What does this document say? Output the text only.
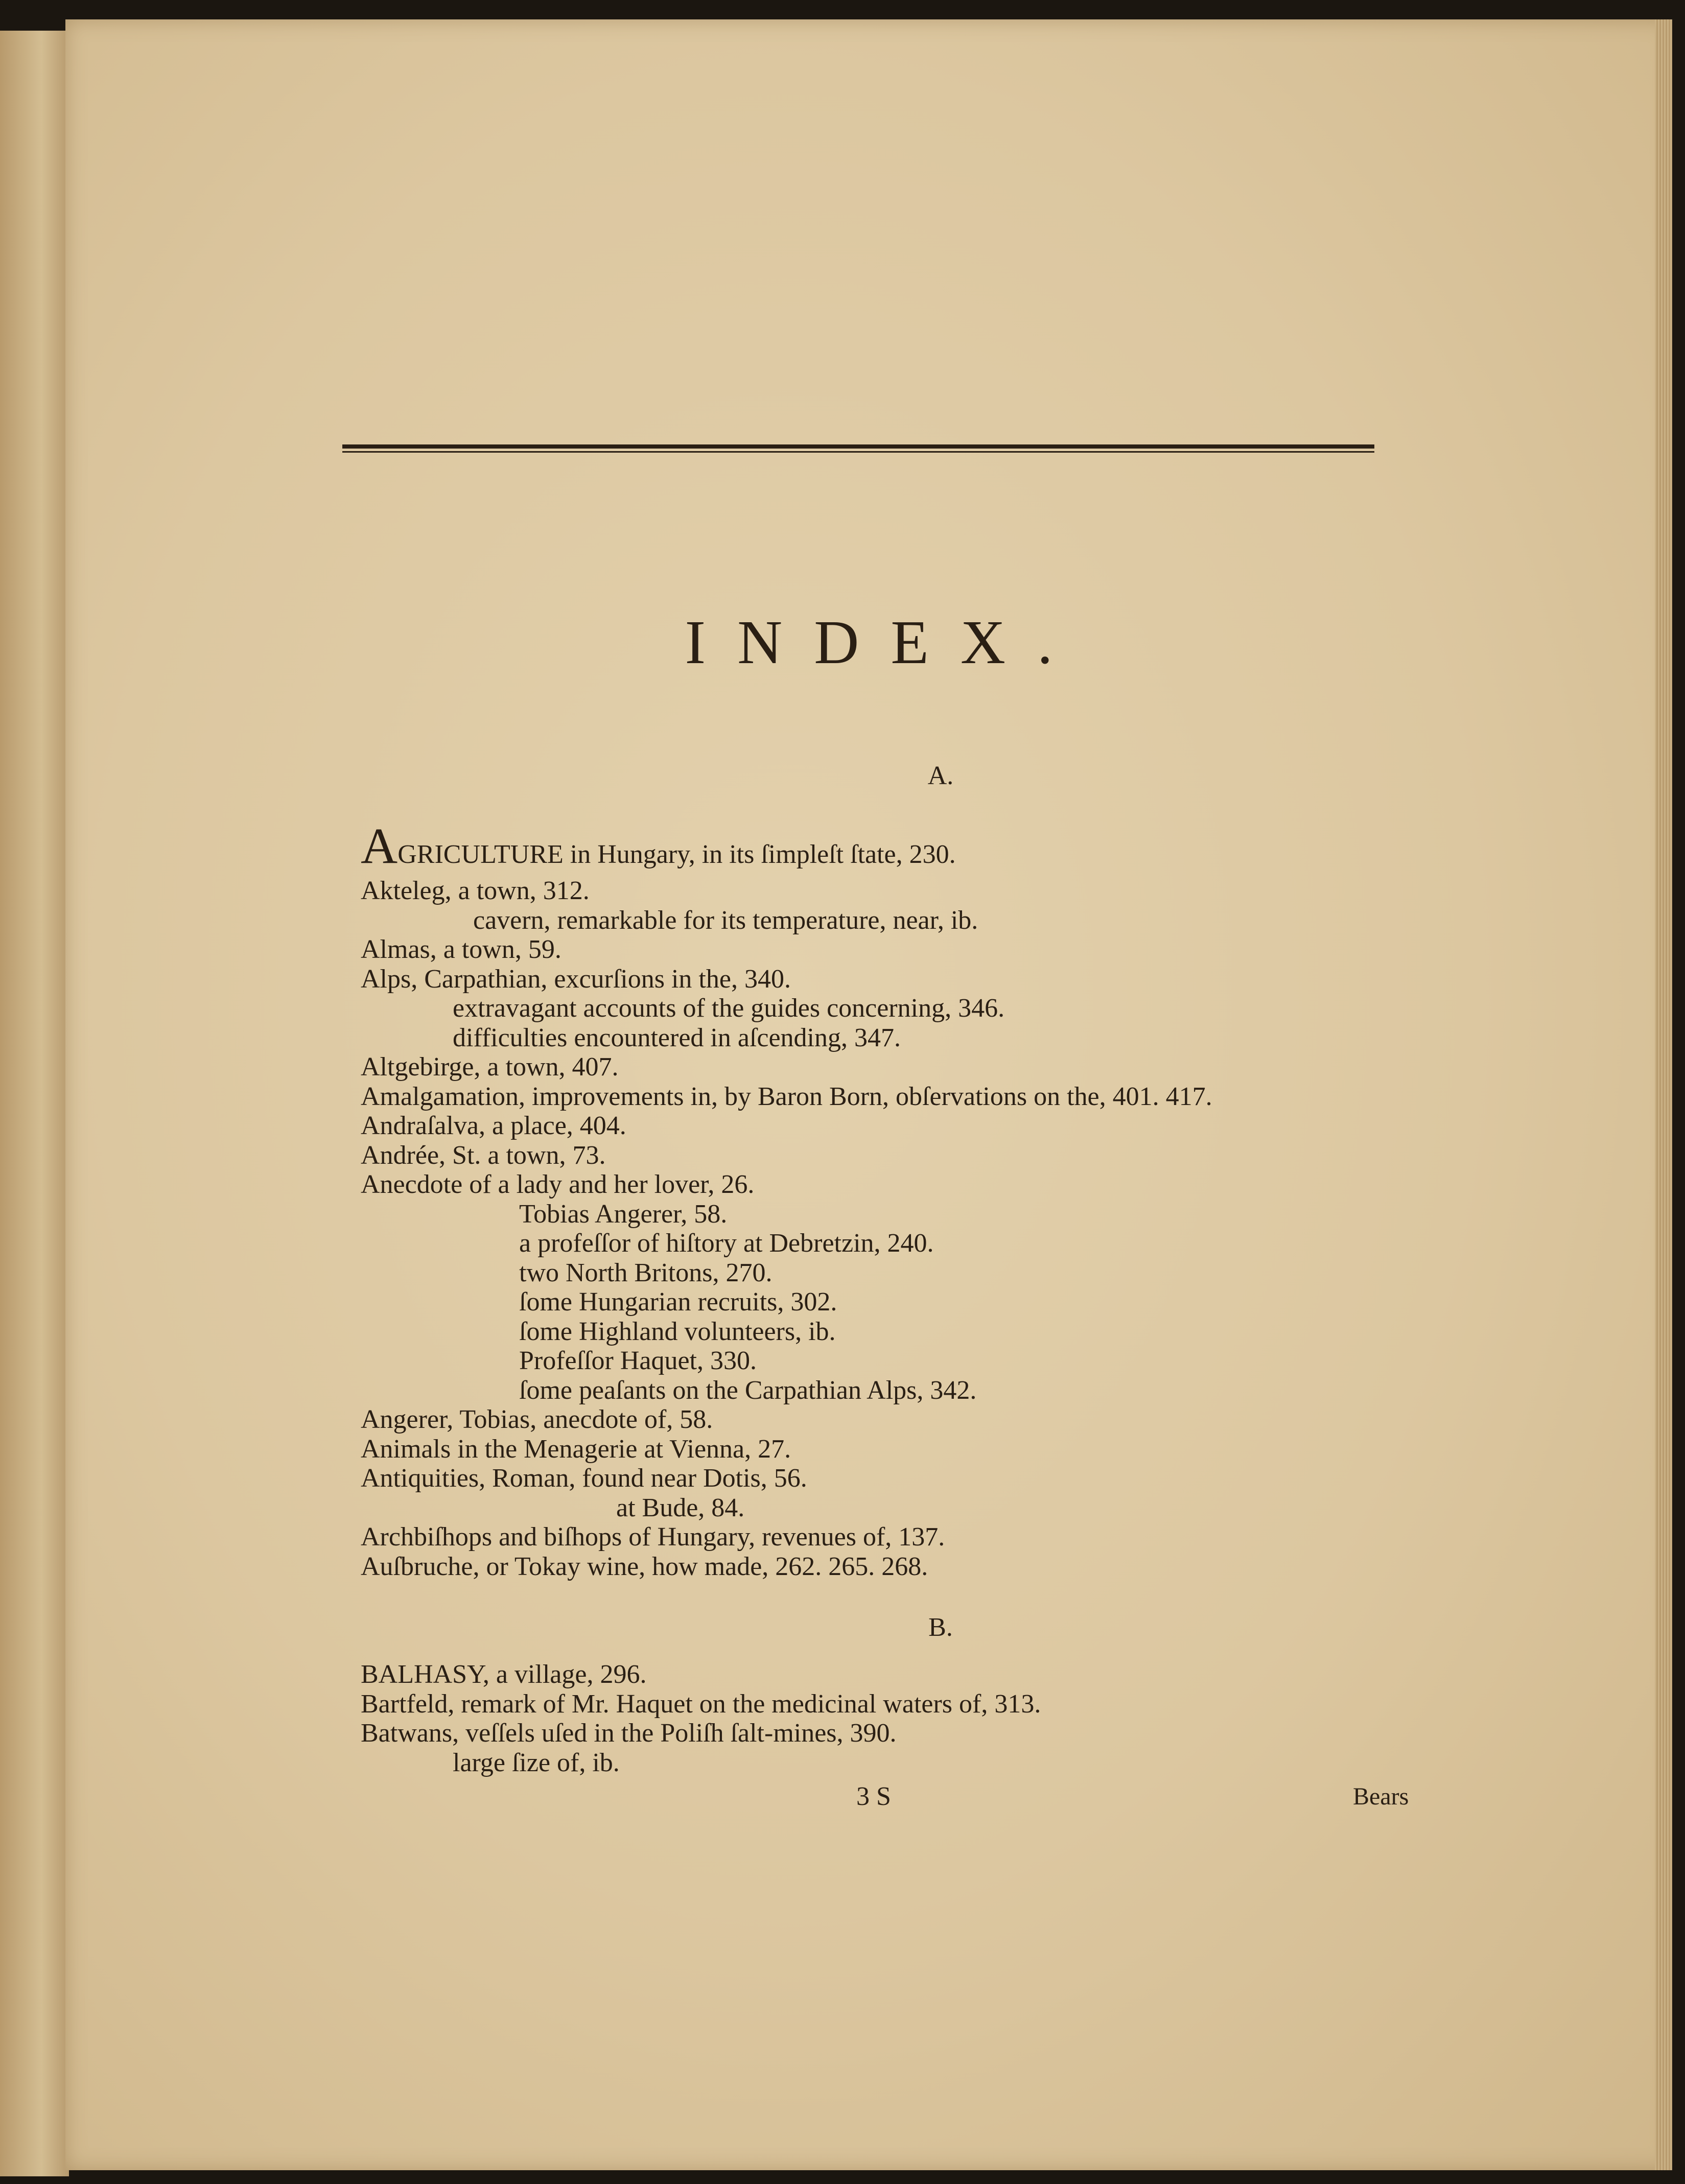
INDEX.
A.
AGRICULTURE in Hungary, in its ſimpleſt ſtate, 230.
Akteleg, a town, 312.
cavern, remarkable for its temperature, near, ib.
Almas, a town, 59.
Alps, Carpathian, excurſions in the, 340.
extravagant accounts of the guides concerning, 346.
difficulties encountered in aſcending, 347.
Altgebirge, a town, 407.
Amalgamation, improvements in, by Baron Born, obſervations on the, 401. 417.
Andraſalva, a place, 404.
Andrée, St. a town, 73.
Anecdote of a lady and her lover, 26.
Tobias Angerer, 58.
a profeſſor of hiſtory at Debretzin, 240.
two North Britons, 270.
ſome Hungarian recruits, 302.
ſome Highland volunteers, ib.
Profeſſor Haquet, 330.
ſome peaſants on the Carpathian Alps, 342.
Angerer, Tobias, anecdote of, 58.
Animals in the Menagerie at Vienna, 27.
Antiquities, Roman, found near Dotis, 56.
at Bude, 84.
Archbiſhops and biſhops of Hungary, revenues of, 137.
Auſbruche, or Tokay wine, how made, 262. 265. 268.
B.
BALHASY, a village, 296.
Bartfeld, remark of Mr. Haquet on the medicinal waters of, 313.
Batwans, veſſels uſed in the Poliſh ſalt-mines, 390.
large ſize of, ib.
3 S	Bears
